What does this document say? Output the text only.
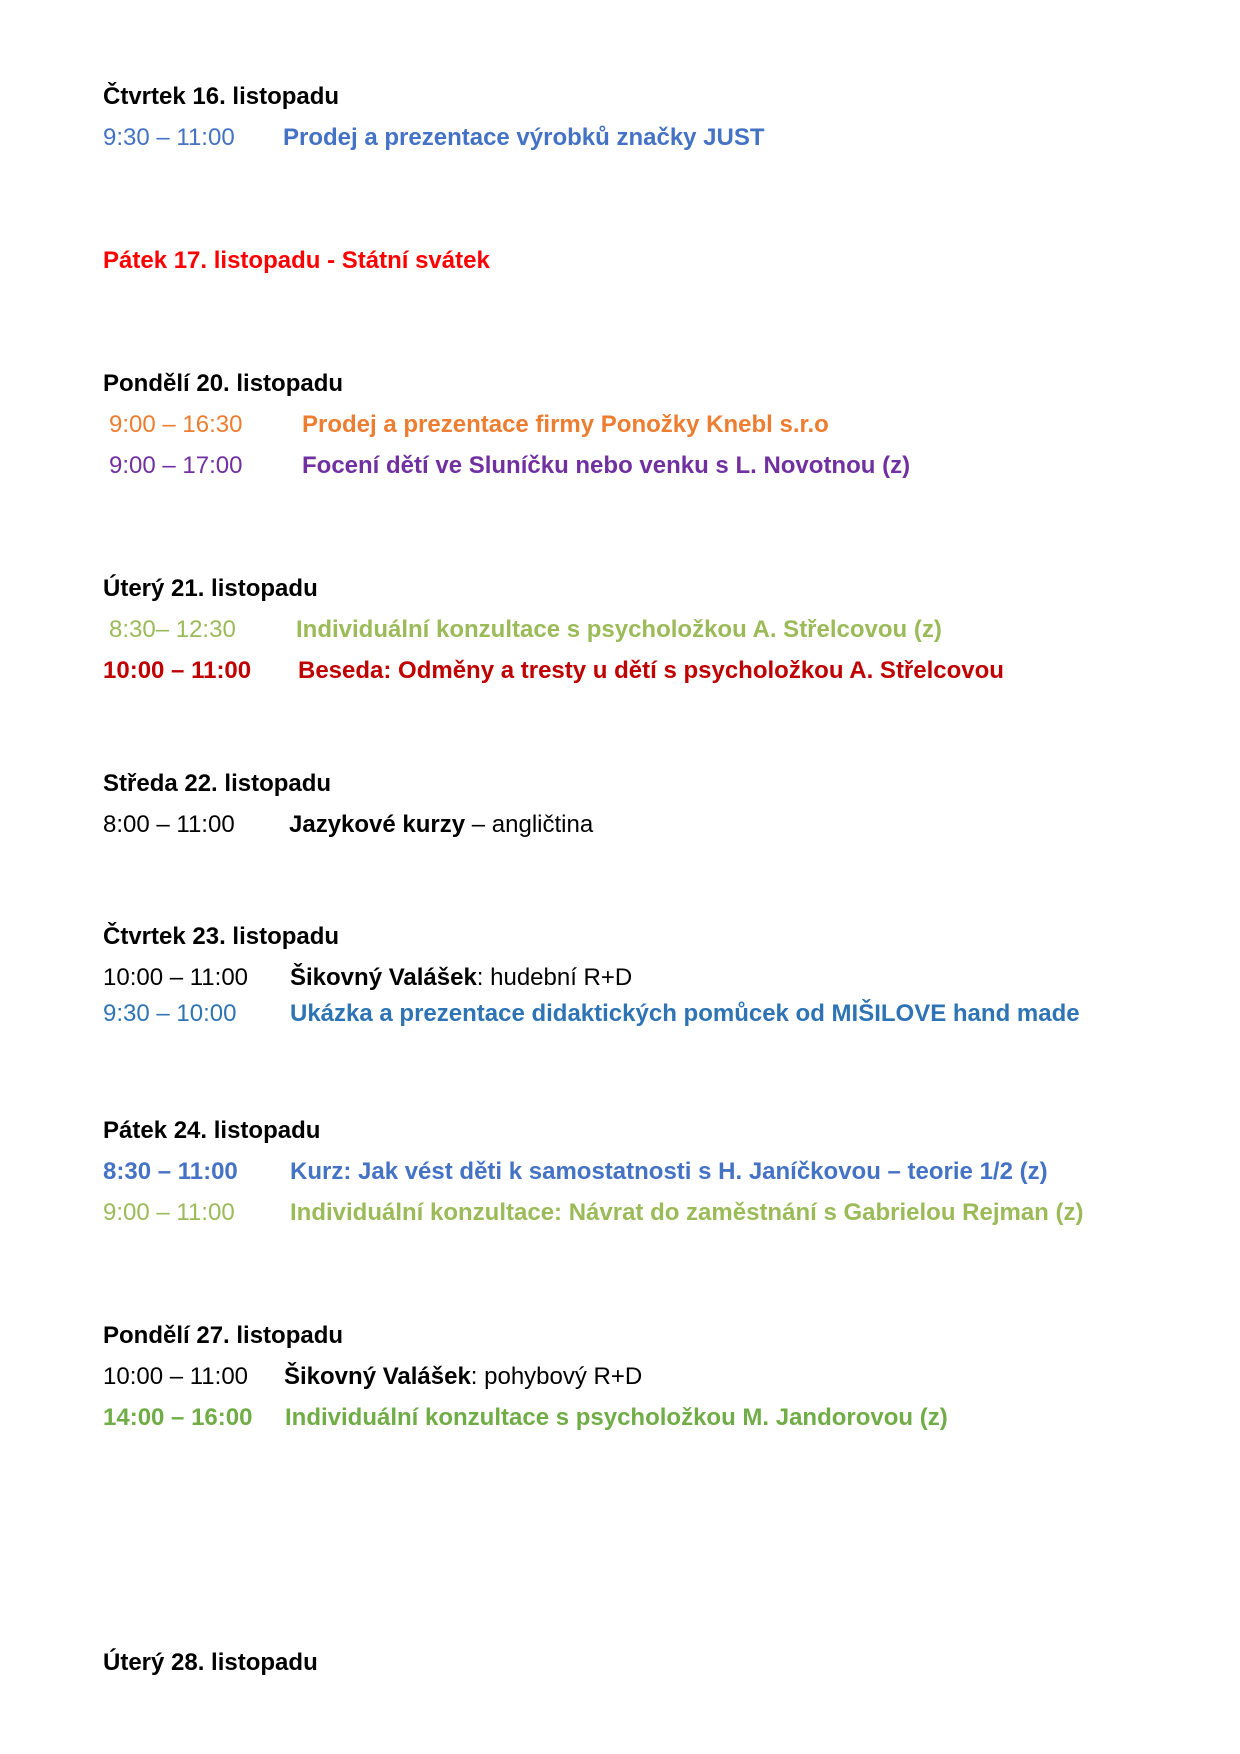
Čtvrtek 16. listopadu
9:30 – 11:00 Prodej a prezentace výrobků značky JUST
Pátek 17. listopadu - Státní svátek
Pondělí 20. listopadu
9:00 – 16:30 Prodej a prezentace firmy Ponožky Knebl s.r.o
9:00 – 17:00 Focení dětí ve Sluníčku nebo venku s L. Novotnou (z)
Úterý 21. listopadu
8:30– 12:30	Individuální konzultace s psycholožkou A. Střelcovou (z)
10:00 – 11:00 Beseda: Odměny a tresty u dětí s psycholožkou A. Střelcovou
Středa 22. listopadu
8:00 – 11:00 Jazykové kurzy – angličtina
Čtvrtek 23. listopadu
10:00 – 11:00 Šikovný Valášek: hudební R+D
9:30 – 10:00 Ukázka a prezentace didaktických pomůcek od MIŠILOVE hand made
Pátek 24. listopadu
8:30 – 11:00 Kurz: Jak vést děti k samostatnosti s H. Janíčkovou – teorie 1/2 (z)
9:00 – 11:00 Individuální konzultace: Návrat do zaměstnání s Gabrielou Rejman (z)
Pondělí 27. listopadu
10:00 – 11:00 Šikovný Valášek: pohybový R+D
14:00 – 16:00 Individuální konzultace s psycholožkou M. Jandorovou (z)
Úterý 28. listopadu
